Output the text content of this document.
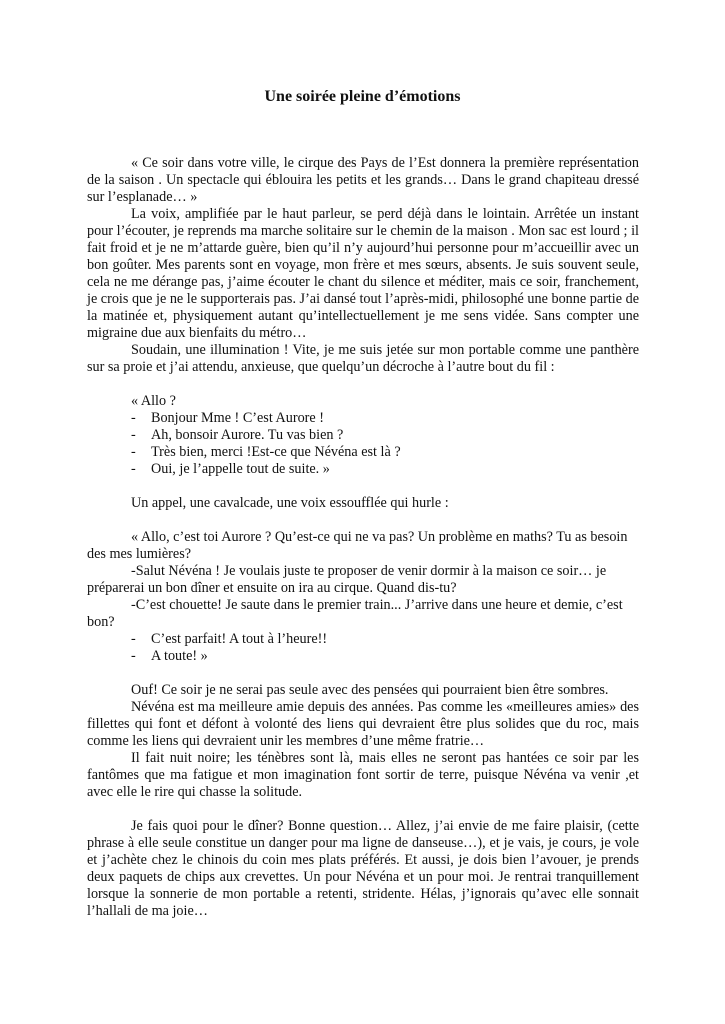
Une soirée pleine d’émotions

« Ce soir dans votre ville, le cirque des Pays de l’Est donnera la première représentation de la saison . Un spectacle qui éblouira les petits et les grands… Dans le grand chapiteau dressé sur l’esplanade… »

La voix, amplifiée par le haut parleur, se perd déjà dans le lointain. Arrêtée un instant pour l’écouter, je reprends ma marche solitaire sur le chemin de la maison . Mon sac est lourd ; il fait froid et je ne m’attarde guère, bien qu’il n’y aujourd’hui personne pour m’accueillir avec un bon goûter. Mes parents sont en voyage, mon frère et mes sœurs, absents. Je suis souvent seule, cela ne me dérange pas, j’aime écouter le chant du silence et méditer, mais ce soir, franchement, je crois que je ne le supporterais pas. J’ai dansé tout l’après-midi, philosophé une bonne partie de la matinée et, physiquement autant qu’intellectuellement je me sens vidée. Sans compter une migraine due aux bienfaits du métro…

Soudain, une illumination ! Vite, je me suis jetée sur mon portable comme une panthère sur sa proie et j’ai attendu, anxieuse, que quelqu’un décroche à l’autre bout du fil :

« Allo ?

- Bonjour Mme ! C’est Aurore !

- Ah, bonsoir Aurore. Tu vas bien ?

- Très bien, merci !Est-ce que Névéna est là ?

- Oui, je l’appelle tout de suite. »

Un appel, une cavalcade, une voix essoufflée qui hurle :

« Allo, c’est toi Aurore ? Qu’est-ce qui ne va pas? Un problème en maths? Tu as besoin des mes lumières?

-Salut Névéna ! Je voulais juste te proposer de venir dormir à la maison ce soir… je préparerai un bon dîner et ensuite on ira au cirque. Quand dis-tu?

-C’est chouette! Je saute dans le premier train... J’arrive dans une heure et demie, c’est bon?

- C’est parfait! A tout à l’heure!!

- A toute! »

Ouf! Ce soir je ne serai pas seule avec des pensées qui pourraient bien être sombres.

Névéna est ma meilleure amie depuis des années. Pas comme les «meilleures amies» des fillettes qui font et défont à volonté des liens qui devraient être plus solides que du roc, mais comme les liens qui devraient unir les membres d’une même fratrie…

Il fait nuit noire; les ténèbres sont là, mais elles ne seront pas hantées ce soir par les fantômes que ma fatigue et mon imagination font sortir de terre, puisque Névéna va venir ,et avec elle le rire qui chasse la solitude.

Je fais quoi pour le dîner? Bonne question… Allez, j’ai envie de me faire plaisir, (cette phrase à elle seule constitue un danger pour ma ligne de danseuse…), et je vais, je cours, je vole et j’achète chez le chinois du coin mes plats préférés. Et aussi, je dois bien l’avouer, je prends deux paquets de chips aux crevettes. Un pour Névéna et un pour moi. Je rentrai tranquillement lorsque la sonnerie de mon portable a retenti, stridente. Hélas, j’ignorais qu’avec elle sonnait l’hallali de ma joie…
